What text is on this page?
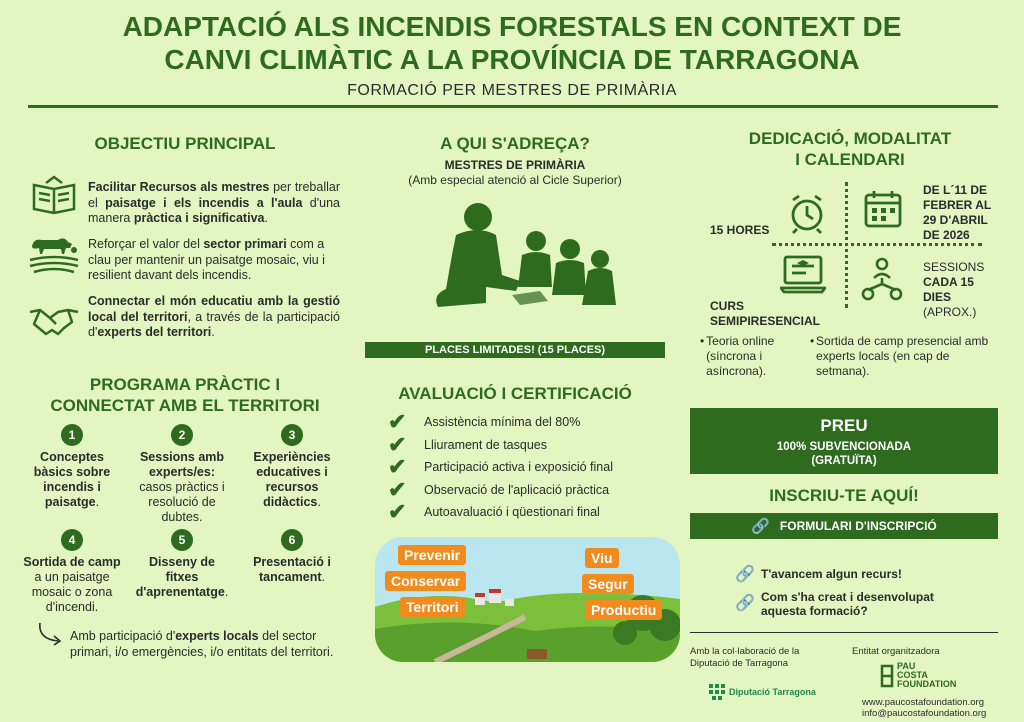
ADAPTACIÓ ALS INCENDIS FORESTALS EN CONTEXT DE
CANVI CLIMÀTIC A LA PROVÍNCIA DE TARRAGONA
FORMACIÓ PER MESTRES DE PRIMÀRIA
OBJECTIU PRINCIPAL
Facilitar Recursos als mestres per treballar el paisatge i els incendis a l'aula d'una manera pràctica i significativa.
Reforçar el valor del sector primari com a clau per mantenir un paisatge mosaic, viu i resilient davant dels incendis.
Connectar el món educatiu amb la gestió local del territori, a través de la participació d'experts del territori.
PROGRAMA PRÀCTIC I
CONNECTAT AMB EL TERRITORI
1
Conceptes bàsics sobre incendis i paisatge.
2
Sessions amb experts/es: casos pràctics i resolució de dubtes.
3
Experiències educatives i recursos didàctics.
4
Sortida de camp a un paisatge mosaic o zona d'incendi.
5
Disseny de fitxes d'aprenentatge.
6
Presentació i tancament.
Amb participació d'experts locals del sector primari, i/o emergències, i/o entitats del territori.
A QUI S'ADREÇA?
MESTRES DE PRIMÀRIA
(Amb especial atenció al Cicle Superior)
PLACES LIMITADES! (15 PLACES)
AVALUACIÓ I CERTIFICACIÓ
✔	Assistència mínima del 80%
✔	Lliurament de tasques
✔	Participació activa i exposició final
✔	Observació de l'aplicació pràctica
✔	Autoavaluació i qüestionari final
DEDICACIÓ, MODALITAT
I CALENDARI
15 HORES
DE L´11 DE FEBRER AL 29 D'ABRIL DE 2026
CURS SEMIPIRESENCIAL
SESSIONS
CADA 15 DIES
(APROX.)
• Teoria online (síncrona i asíncrona).
• Sortida de camp presencial amb experts locals (en cap de setmana).
PREU
100% SUBVENCIONADA
(GRATUÏTA)
INSCRIU-TE AQUÍ!
🔗 FORMULARI D'INSCRIPCIÓ
🔗 T'avancem algun recurs!
🔗 Com s'ha creat i desenvolupat
aquesta formació?
Amb la col·laboració de la
Diputació de Tarragona
Diputació Tarragona
Entitat organitzadora
PAU
COSTA
FOUNDATION
www.paucostafoundation.org
info@paucostafoundation.org
Prevenir
Conservar
Territori
Viu
Segur
Productiu
